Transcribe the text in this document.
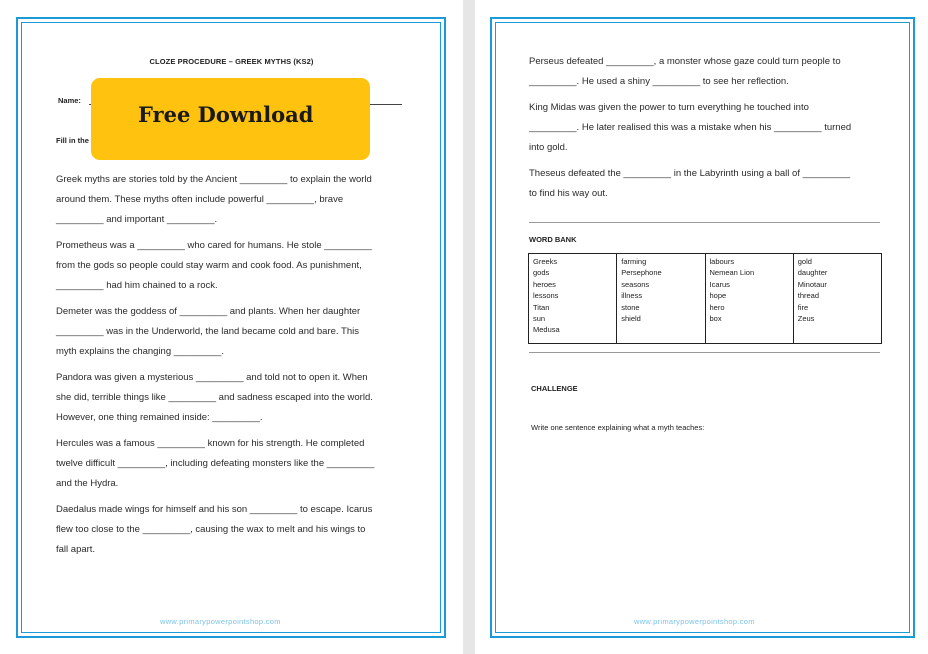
CLOZE PROCEDURE – GREEK MYTHS (KS2)
Name:
Fill in the
Free Download
Greek myths are stories told by the Ancient _________ to explain the world
around them. These myths often include powerful _________, brave
_________ and important _________.
Prometheus was a _________ who cared for humans. He stole _________
from the gods so people could stay warm and cook food. As punishment,
_________ had him chained to a rock.
Demeter was the goddess of _________ and plants. When her daughter
_________ was in the Underworld, the land became cold and bare. This
myth explains the changing _________.
Pandora was given a mysterious _________ and told not to open it. When
she did, terrible things like _________ and sadness escaped into the world.
However, one thing remained inside: _________.
Hercules was a famous _________ known for his strength. He completed
twelve difficult _________, including defeating monsters like the _________
and the Hydra.
Daedalus made wings for himself and his son _________ to escape. Icarus
flew too close to the _________, causing the wax to melt and his wings to
fall apart.
www.primarypowerpointshop.com
Perseus defeated _________, a monster whose gaze could turn people to
_________. He used a shiny _________ to see her reflection.
King Midas was given the power to turn everything he touched into
_________. He later realised this was a mistake when his _________ turned
into gold.
Theseus defeated the _________ in the Labyrinth using a ball of _________
to find his way out.
WORD BANK
Greeks
gods
heroes
lessons
Titan
sun
Medusa
farming
Persephone
seasons
illness
stone
shield
labours
Nemean Lion
Icarus
hope
hero
box
gold
daughter
Minotaur
thread
fire
Zeus
CHALLENGE
Write one sentence explaining what a myth teaches:
www.primarypowerpointshop.com
